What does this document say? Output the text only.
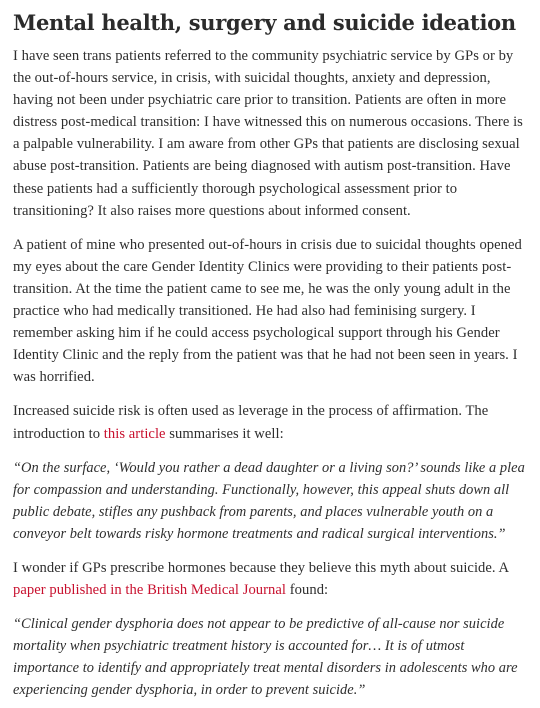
Mental health, surgery and suicide ideation

I have seen trans patients referred to the community psychiatric service by GPs or by the out-of-hours service, in crisis, with suicidal thoughts, anxiety and depression, having not been under psychiatric care prior to transition. Patients are often in more distress post-medical transition: I have witnessed this on numerous occasions. There is a palpable vulnerability. I am aware from other GPs that patients are disclosing sexual abuse post-transition. Patients are being diagnosed with autism post-transition. Have these patients had a sufficiently thorough psychological assessment prior to transitioning? It also raises more questions about informed consent.

A patient of mine who presented out-of-hours in crisis due to suicidal thoughts opened my eyes about the care Gender Identity Clinics were providing to their patients post-transition. At the time the patient came to see me, he was the only young adult in the practice who had medically transitioned. He had also had feminising surgery. I remember asking him if he could access psychological support through his Gender Identity Clinic and the reply from the patient was that he had not been seen in years. I was horrified.

Increased suicide risk is often used as leverage in the process of affirmation. The introduction to this article summarises it well:

“On the surface, ‘Would you rather a dead daughter or a living son?’ sounds like a plea for compassion and understanding. Functionally, however, this appeal shuts down all public debate, stifles any pushback from parents, and places vulnerable youth on a conveyor belt towards risky hormone treatments and radical surgical interventions.”

I wonder if GPs prescribe hormones because they believe this myth about suicide. A paper published in the British Medical Journal found:

“Clinical gender dysphoria does not appear to be predictive of all-cause nor suicide mortality when psychiatric treatment history is accounted for… It is of utmost importance to identify and appropriately treat mental disorders in adolescents who are experiencing gender dysphoria, in order to prevent suicide.”
